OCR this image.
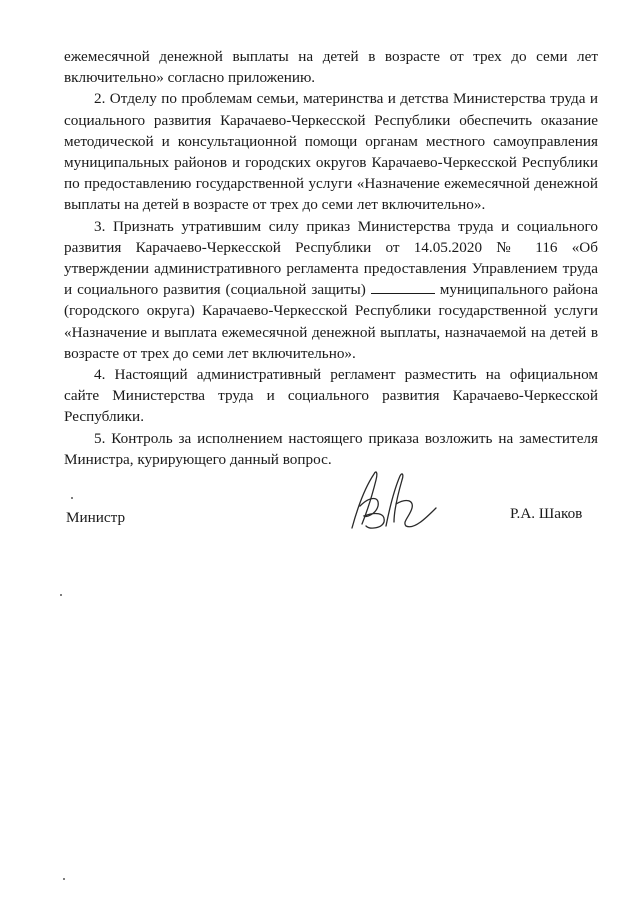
ежемесячной денежной выплаты на детей в возрасте от трех до семи лет включительно» согласно приложению.

2. Отделу по проблемам семьи, материнства и детства Министерства труда и социального развития Карачаево-Черкесской Республики обеспечить оказание методической и консультационной помощи органам местного самоуправления муниципальных районов и городских округов Карачаево-Черкесской Республики по предоставлению государственной услуги «Назначение ежемесячной денежной выплаты на детей в возрасте от трех до семи лет включительно».

3. Признать утратившим силу приказ Министерства труда и социального развития Карачаево-Черкесской Республики от 14.05.2020 № 116 «Об утверждении административного регламента предоставления Управлением труда и социального развития (социальной защиты)	муниципального района (городского округа) Карачаево-Черкесской Республики государственной услуги «Назначение и выплата ежемесячной денежной выплаты, назначаемой на детей в возрасте от трех до семи лет включительно».

4. Настоящий административный регламент разместить на официальном сайте Министерства труда и социального развития Карачаево-Черкесской Республики.

5. Контроль за исполнением настоящего приказа возложить на заместителя Министра, курирующего данный вопрос.

Министр	Р.А. Шаков
